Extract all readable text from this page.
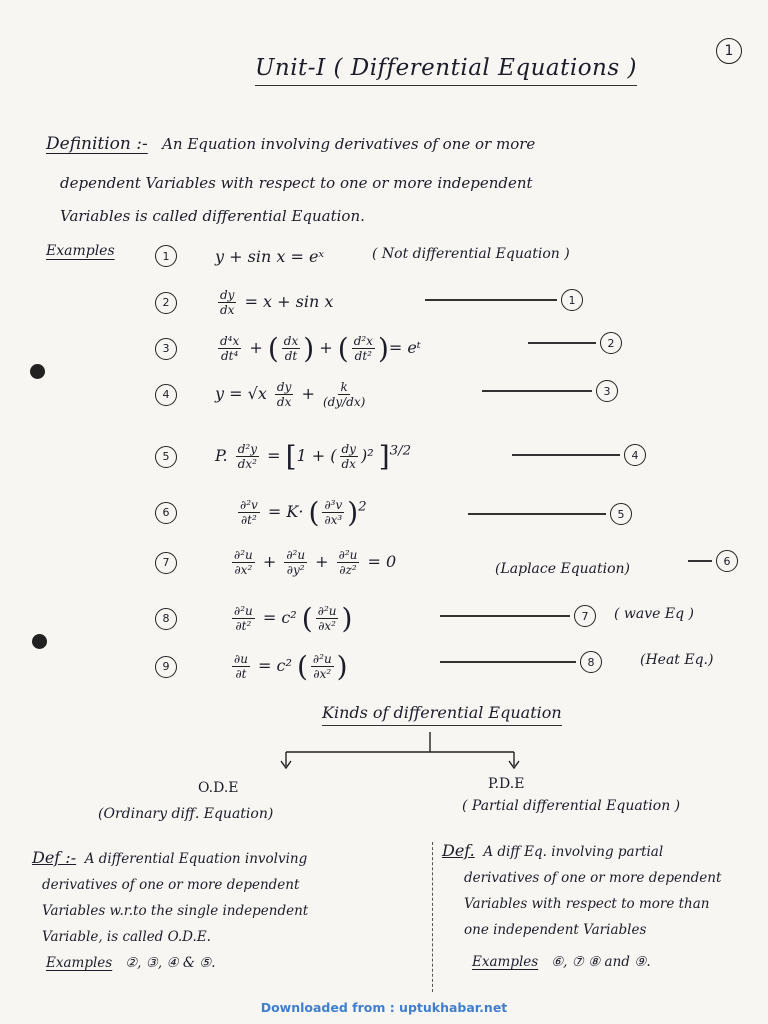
1
Unit-I ( Differential Equations )
Definition :- An Equation involving derivatives of one or more
dependent Variables with respect to one or more independent
Variables is called differential Equation.
Examples	1	y + sin x = eˣ	( Not differential Equation )
2	$\frac{dy}{dx} = x + \sin x$	1
3	$\frac{\text{d⁴x}}{\text{dt⁴}}$ + ( $\frac{dx}{dt}$ ) + ( $\frac{\text{d²x}}{\text{dt²}}$ )= eᵗ	2
4	$y = √x \frac{dy}{dx} + \frac{k}{(dy/dx)}$	3
5	P. $\frac{\text{d²y}}{\text{dx²}} = [1$ + ( $\frac{dy}{dx} )^2$ ]$^{3/2}$	4
6	$\frac{\text{∂²v}}{\text{∂t²}} = K\cdot$ ( $\frac{\text{∂³v}}{\text{∂x³}} )^2$	5
7	$\frac{\text{∂²u}}{\text{∂x²}} + \frac{\text{∂²u}}{\text{∂y²}} + \frac{\text{∂²u}}{\text{∂z²}} = 0$	(Laplace Equation)	6
8	$\frac{\text{∂²u}}{\text{∂t²}} = c^2$ ( $\frac{\text{∂²u}}{\text{∂x²}}$ )	7	( wave Eq )
9	$\frac{\partial u}{\partial t} = c^2$ ( $\frac{\text{∂²u}}{\text{∂x²}}$ )	8	(Heat Eq.)
Kinds of differential Equation
O.D.E
(Ordinary diff. Equation)
P.D.E
( Partial differential Equation )
Def :- A differential Equation involving
derivatives of one or more dependent
Variables w.r.to the single independent
Variable, is called O.D.E.
Examples ②, ③, ④ & ⑤.
Def. A diff Eq. involving partial
derivatives of one or more dependent
Variables with respect to more than
one independent Variables
Examples ⑥, ⑦ ⑧ and ⑨.
Downloaded from : uptukhabar.net
